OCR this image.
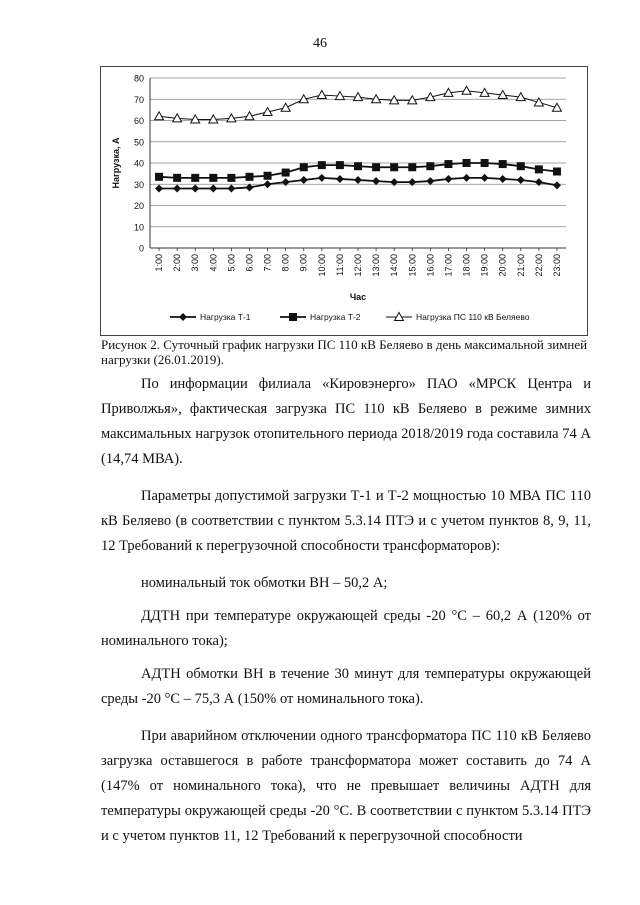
46
0
10
20
30
40
50
60
70
80
1:00 2:00 3:00 4:00 5:00 6:00 7:00 8:00 9:00 10:00 11:00 12:00 13:00 14:00 15:00 16:00 17:00 18:00 19:00 20:00 21:00 22:00 23:00
Час
Нагрузка, А
Нагрузка Т-1	Нагрузка Т-2	Нагрузка ПС 110 кВ Беляево
Рисунок 2. Суточный график нагрузки ПС 110 кВ Беляево в день максимальной зимней нагрузки (26.01.2019).

По информации филиала «Кировэнерго» ПАО «МРСК Центра и Приволжья», фактическая загрузка ПС 110 кВ Беляево в режиме зимних максимальных нагрузок отопительного периода 2018/2019 года составила 74 А (14,74 МВА).

Параметры допустимой загрузки Т-1 и Т-2 мощностью 10 МВА ПС 110 кВ Беляево (в соответствии с пунктом 5.3.14 ПТЭ и с учетом пунктов 8, 9, 11, 12 Требований к перегрузочной способности трансформаторов):

номинальный ток обмотки ВН – 50,2 А;

ДДТН при температуре окружающей среды -20 °С – 60,2 А (120% от номинального тока);

АДТН обмотки ВН в течение 30 минут для температуры окружающей среды -20 °С – 75,3 А (150% от номинального тока).

При аварийном отключении одного трансформатора ПС 110 кВ Беляево загрузка оставшегося в работе трансформатора может составить до 74 А (147% от номинального тока), что не превышает величины АДТН для температуры окружающей среды -20 °С. В соответствии с пунктом 5.3.14 ПТЭ и с учетом пунктов 11, 12 Требований к перегрузочной способности
